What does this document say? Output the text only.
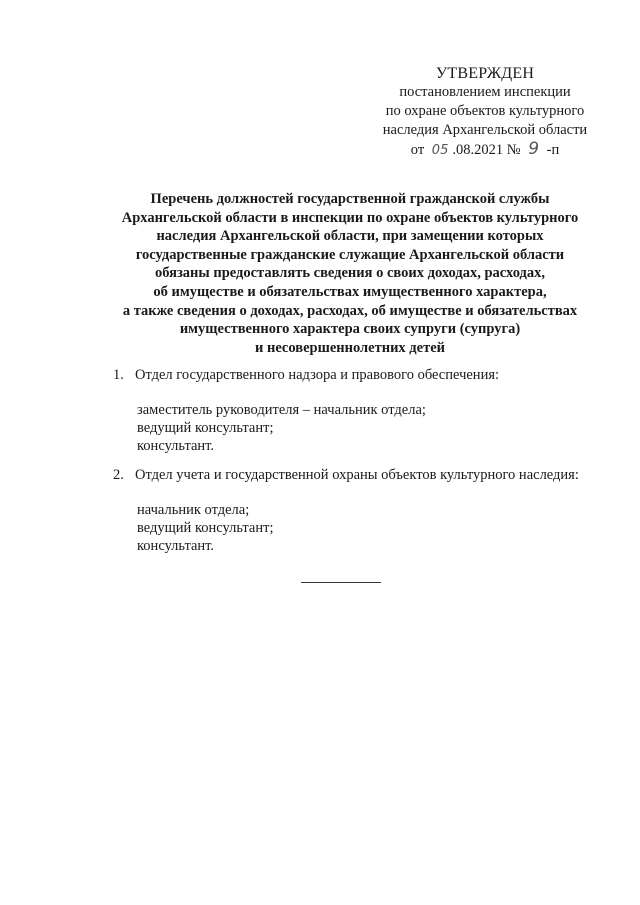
УТВЕРЖДЕН
постановлением инспекции
по охране объектов культурного
наследия Архангельской области
от 05 .08.2021 № 9 -п
Перечень должностей государственной гражданской службы
Архангельской области в инспекции по охране объектов культурного
наследия Архангельской области, при замещении которых
государственные гражданские служащие Архангельской области
обязаны предоставлять сведения о своих доходах, расходах,
об имуществе и обязательствах имущественного характера,
а также сведения о доходах, расходах, об имуществе и обязательствах
имущественного характера своих супруги (супруга)
и несовершеннолетних детей
1. Отдел государственного надзора и правового обеспечения:
заместитель руководителя – начальник отдела;
ведущий консультант;
консультант.
2. Отдел учета и государственной охраны объектов культурного наследия:
начальник отдела;
ведущий консультант;
консультант.
